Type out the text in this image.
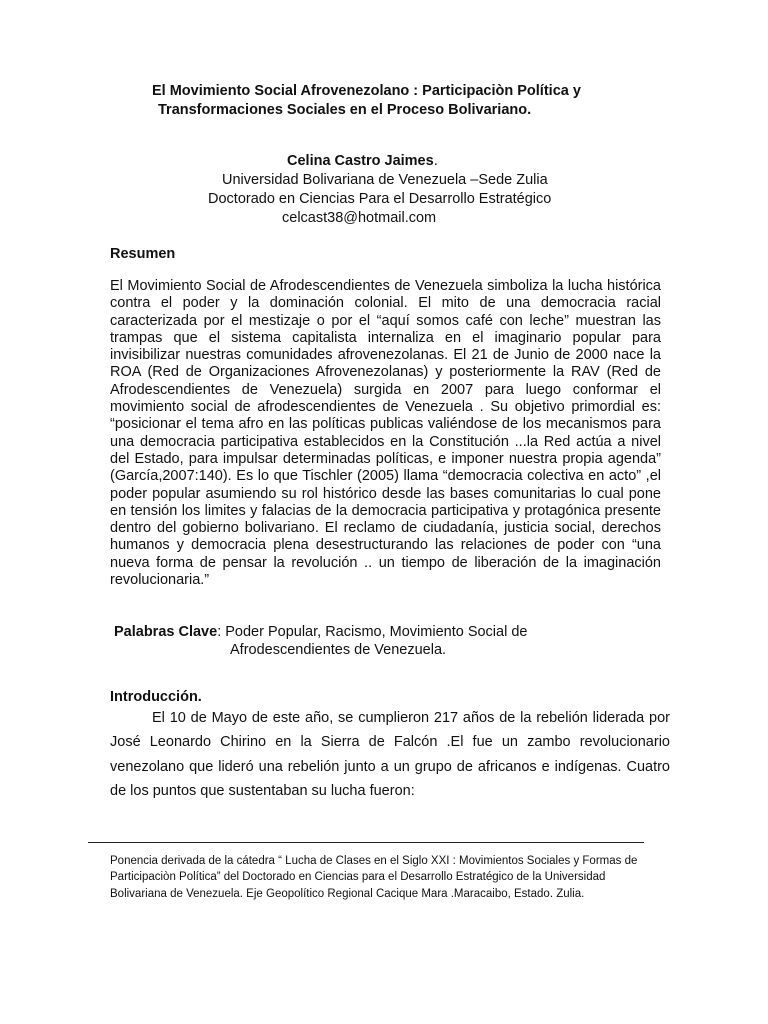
El Movimiento Social Afrovenezolano : Participaciòn Política y
Transformaciones Sociales en el Proceso Bolivariano.
Celina Castro Jaimes.
Universidad Bolivariana de Venezuela –Sede Zulia
Doctorado en Ciencias Para el Desarrollo Estratégico
celcast38@hotmail.com
Resumen

El Movimiento Social de Afrodescendientes de Venezuela simboliza la lucha histórica contra el poder y la dominación colonial. El mito de una democracia racial caracterizada por el mestizaje o por el “aquí somos café con leche” muestran las trampas que el sistema capitalista internaliza en el imaginario popular para invisibilizar nuestras comunidades afrovenezolanas. El 21 de Junio de 2000 nace la ROA (Red de Organizaciones Afrovenezolanas) y posteriormente la RAV (Red de Afrodescendientes de Venezuela) surgida en 2007 para luego conformar el movimiento social de afrodescendientes de Venezuela . Su objetivo primordial es: “posicionar el tema afro en las políticas publicas valiéndose de los mecanismos para una democracia participativa establecidos en la Constitución ...la Red actúa a nivel del Estado, para impulsar determinadas políticas, e imponer nuestra propia agenda” (García,2007:140). Es lo que Tischler (2005) llama “democracia colectiva en acto” ,el poder popular asumiendo su rol histórico desde las bases comunitarias lo cual pone en tensión los limites y falacias de la democracia participativa y protagónica presente dentro del gobierno bolivariano. El reclamo de ciudadanía, justicia social, derechos humanos y democracia plena desestructurando las relaciones de poder con “una nueva forma de pensar la revolución .. un tiempo de liberación de la imaginación revolucionaria.”

Palabras Clave: Poder Popular, Racismo, Movimiento Social de
Afrodescendientes de Venezuela.
Introducción.

El 10 de Mayo de este año, se cumplieron 217 años de la rebelión liderada por José Leonardo Chirino en la Sierra de Falcón .El fue un zambo revolucionario venezolano que lideró una rebelión junto a un grupo de africanos e indígenas. Cuatro de los puntos que sustentaban su lucha fueron:

Ponencia derivada de la cátedra “ Lucha de Clases en el Siglo XXI : Movimientos Sociales y Formas de Participaciòn Política” del Doctorado en Ciencias para el Desarrollo Estratégico de la Universidad Bolivariana de Venezuela. Eje Geopolítico Regional Cacique Mara .Maracaibo, Estado. Zulia.
